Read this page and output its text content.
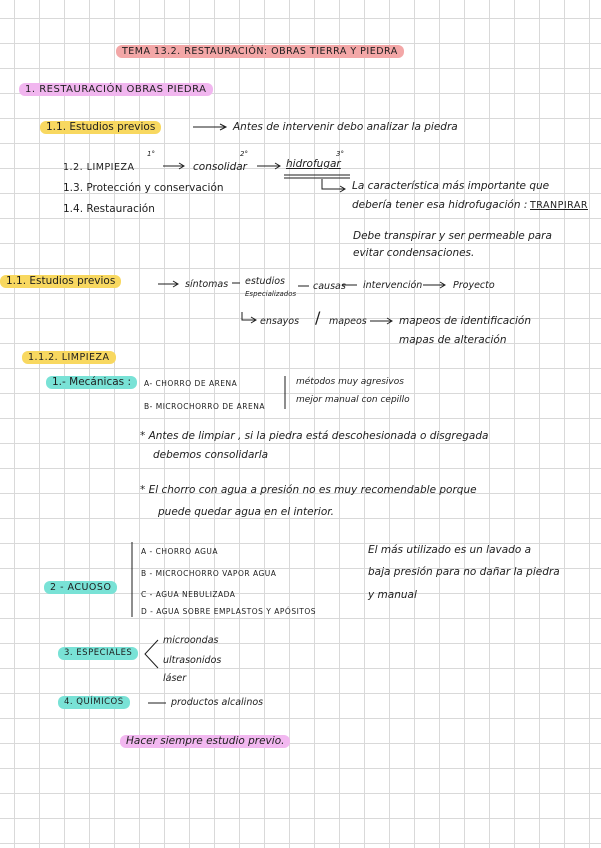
TEMA 13.2. RESTAURACIÓN: OBRAS TIERRA Y PIEDRA
1. RESTAURACIÓN OBRAS PIEDRA
1.1. Estudios previos	Antes de intervenir debo analizar la piedra
1.2. LIMPIEZA
1°
consolidar
2°
hidrofugar
3°
1.3. Protección y conservación
1.4. Restauración
La característica más importante que
debería tener esa hidrofugación : TRANPIRAR
Debe transpirar y ser permeable para
evitar condensaciones.
1.1. Estudios previos	síntomas estudios
Especializados
causas intervención	Proyecto
ensayos / mapeos	mapeos de identificación
mapas de alteración
1.1.2. LIMPIEZA
1.- Mecánicas :	A- CHORRO DE ARENA
B- MICROCHORRO DE ARENA
métodos muy agresivos
mejor manual con cepillo
* Antes de limpiar , si la piedra está descohesionada o disgregada
debemos consolidarla
* El chorro con agua a presión no es muy recomendable porque
puede quedar agua en el interior.
2 - ACUOSO
A - CHORRO AGUA
B - MICROCHORRO VAPOR AGUA
C - AGUA NEBULIZADA
D - AGUA SOBRE EMPLASTOS Y APÓSITOS
El más utilizado es un lavado a
baja presión para no dañar la piedra
y manual
3. ESPECIALES
microondas
ultrasonidos
láser
4. QUÍMICOS	productos alcalinos
Hacer siempre estudio previo.
